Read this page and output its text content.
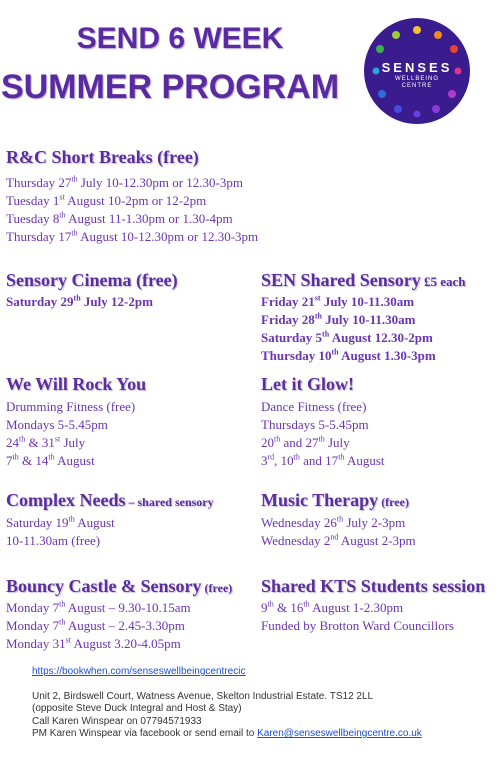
SEND 6 WEEK
SUMMER PROGRAM
SENSES
WELLBEING
CENTRE
R&C Short Breaks (free)
Thursday 27th July 10-12.30pm or 12.30-3pm
Tuesday 1st August 10-2pm or 12-2pm
Tuesday 8th August 11-1.30pm or 1.30-4pm
Thursday 17th August 10-12.30pm or 12.30-3pm
Sensory Cinema (free)
Saturday 29th July 12-2pm
SEN Shared Sensory £5 each
Friday 21st July 10-11.30am
Friday 28th July 10-11.30am
Saturday 5th August 12.30-2pm
Thursday 10th August 1.30-3pm
We Will Rock You
Drumming Fitness (free)
Mondays 5-5.45pm
24th & 31st July
7th & 14th August
Let it Glow!
Dance Fitness (free)
Thursdays 5-5.45pm
20th and 27th July
3rd, 10th and 17th August
Complex Needs – shared sensory
Saturday 19th August
10-11.30am (free)
Music Therapy (free)
Wednesday 26th July 2-3pm
Wednesday 2nd August 2-3pm
Bouncy Castle & Sensory (free)
Monday 7th August – 9.30-10.15am
Monday 7th August – 2.45-3.30pm
Monday 31st August 3.20-4.05pm
Shared KTS Students session
9th & 16th August 1-2.30pm
Funded by Brotton Ward Councillors
https://bookwhen.com/senseswellbeingcentrecic
Unit 2, Birdswell Court, Watness Avenue, Skelton Industrial Estate. TS12 2LL
(opposite Steve Duck Integral and Host & Stay)
Call Karen Winspear on 07794571933
PM Karen Winspear via facebook or send email to Karen@senseswellbeingcentre.co.uk
